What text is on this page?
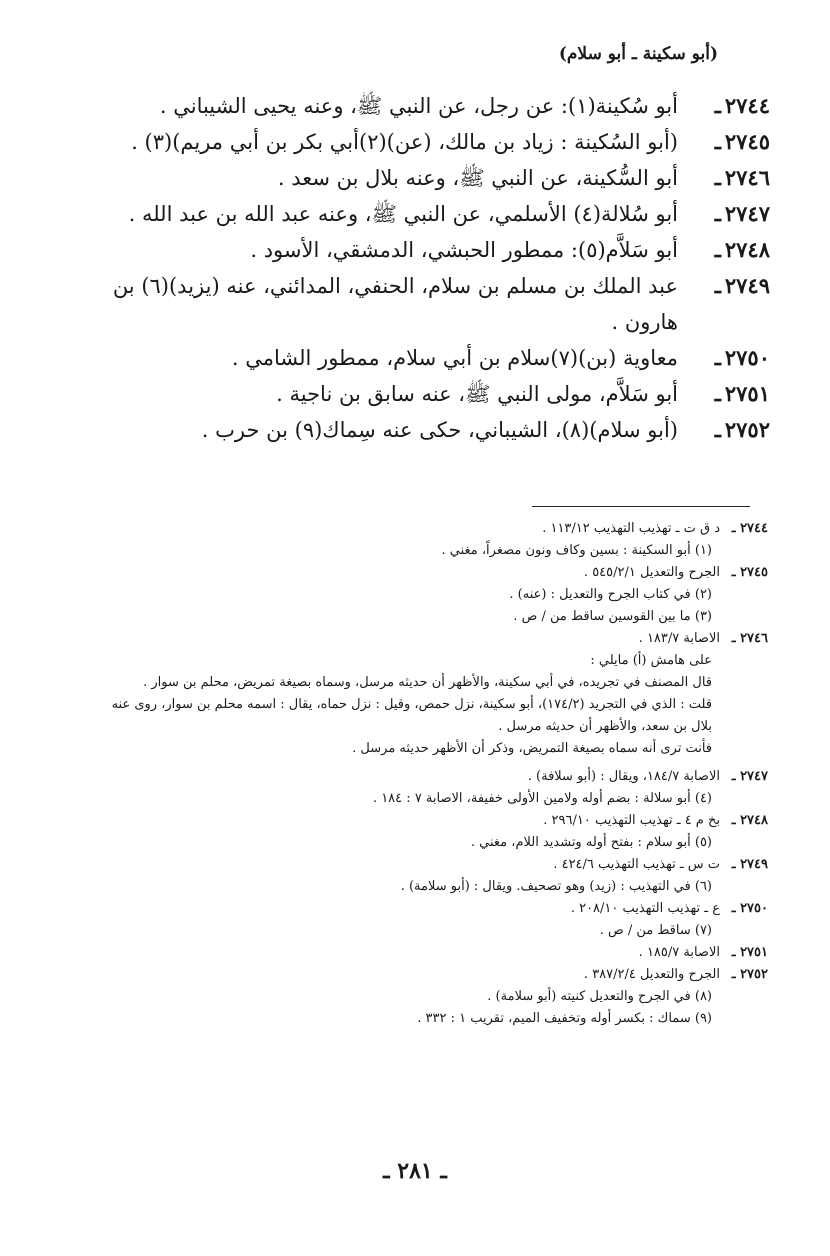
(أبو سكينة ـ أبو سلام)
٢٧٤٤ـ
أبو سُكينة(١): عن رجل، عن النبي ﷺ، وعنه يحيى الشيباني .
٢٧٤٥ـ
(أبو السُكينة : زياد بن مالك، (عن)(٢)أبي بكر بن أبي مريم)(٣) .
٢٧٤٦ـ
أبو السُّكينة، عن النبي ﷺ، وعنه بلال بن سعد .
٢٧٤٧ـ
أبو سُلالة(٤) الأسلمي، عن النبي ﷺ، وعنه عبد الله بن عبد الله .
٢٧٤٨ـ
أبو سَلاَّم(٥): ممطور الحبشي، الدمشقي، الأسود .
٢٧٤٩ـ
عبد الملك بن مسلم بن سلام، الحنفي، المدائني، عنه (يزيد)(٦) بن هارون .
٢٧٥٠ـ
معاوية (بن)(٧)سلام بن أبي سلام، ممطور الشامي .
٢٧٥١ـ
أبو سَلاَّم، مولى النبي ﷺ، عنه سابق بن ناجية .
٢٧٥٢ـ
(أبو سلام)(٨)، الشيباني، حكى عنه سِماك(٩) بن حرب .
٢٧٤٤ ـ
د ق ت ـ تهذيب التهذيب ١١٣/١٢ .
(١) أبو السكينة : بسين وكاف ونون مصغراً، مغني .
٢٧٤٥ ـ
الجرح والتعديل ٥٤٥/٢/١ .
(٢) في كتاب الجرح والتعديل : (عنه) .
(٣) ما بين القوسين ساقط من / ص .
٢٧٤٦ ـ
الاصابة ١٨٣/٧ .
على هامش (أ) مايلي :
قال المصنف في تجريده، في أبي سكينة، والأظهر أن حديثه مرسل، وسماه بصيغة تمريض، محلم بن سوار .
قلت : الذي في التجريد (١٧٤/٢)، أبو سكينة، نزل حمص، وقيل : نزل حماه، يقال : اسمه محلم بن سوار، روى عنه بلال بن سعد، والأظهر أن حديثه مرسل .
فأنت ترى أنه سماه بصيغة التمريض، وذكر أن الأظهر حديثه مرسل .
٢٧٤٧ ـ
الاصابة ١٨٤/٧، ويقال : (أبو سلافة) .
(٤) أبو سلالة : بضم أوله ولامين الأولى خفيفة، الاصابة ٧ : ١٨٤ .
٢٧٤٨ ـ
بخ م ٤ ـ تهذيب التهذيب ٢٩٦/١٠ .
(٥) أبو سلام : بفتح أوله وتشديد اللام، مغني .
٢٧٤٩ ـ
ت س ـ تهذيب التهذيب ٤٢٤/٦ .
(٦) في التهذيب : (زيد) وهو تصحيف. ويقال : (أبو سلامة) .
٢٧٥٠ ـ
ع ـ تهذيب التهذيب ٢٠٨/١٠ .
(٧) ساقط من / ص .
٢٧٥١ ـ
الاصابة ١٨٥/٧ .
٢٧٥٢ ـ
الجرح والتعديل ٣٨٧/٢/٤ .
(٨) في الجرح والتعديل كنيته (أبو سلامة) .
(٩) سماك : بكسر أوله وتخفيف الميم، تقريب ١ : ٣٣٢ .
ـ ٢٨١ ـ
